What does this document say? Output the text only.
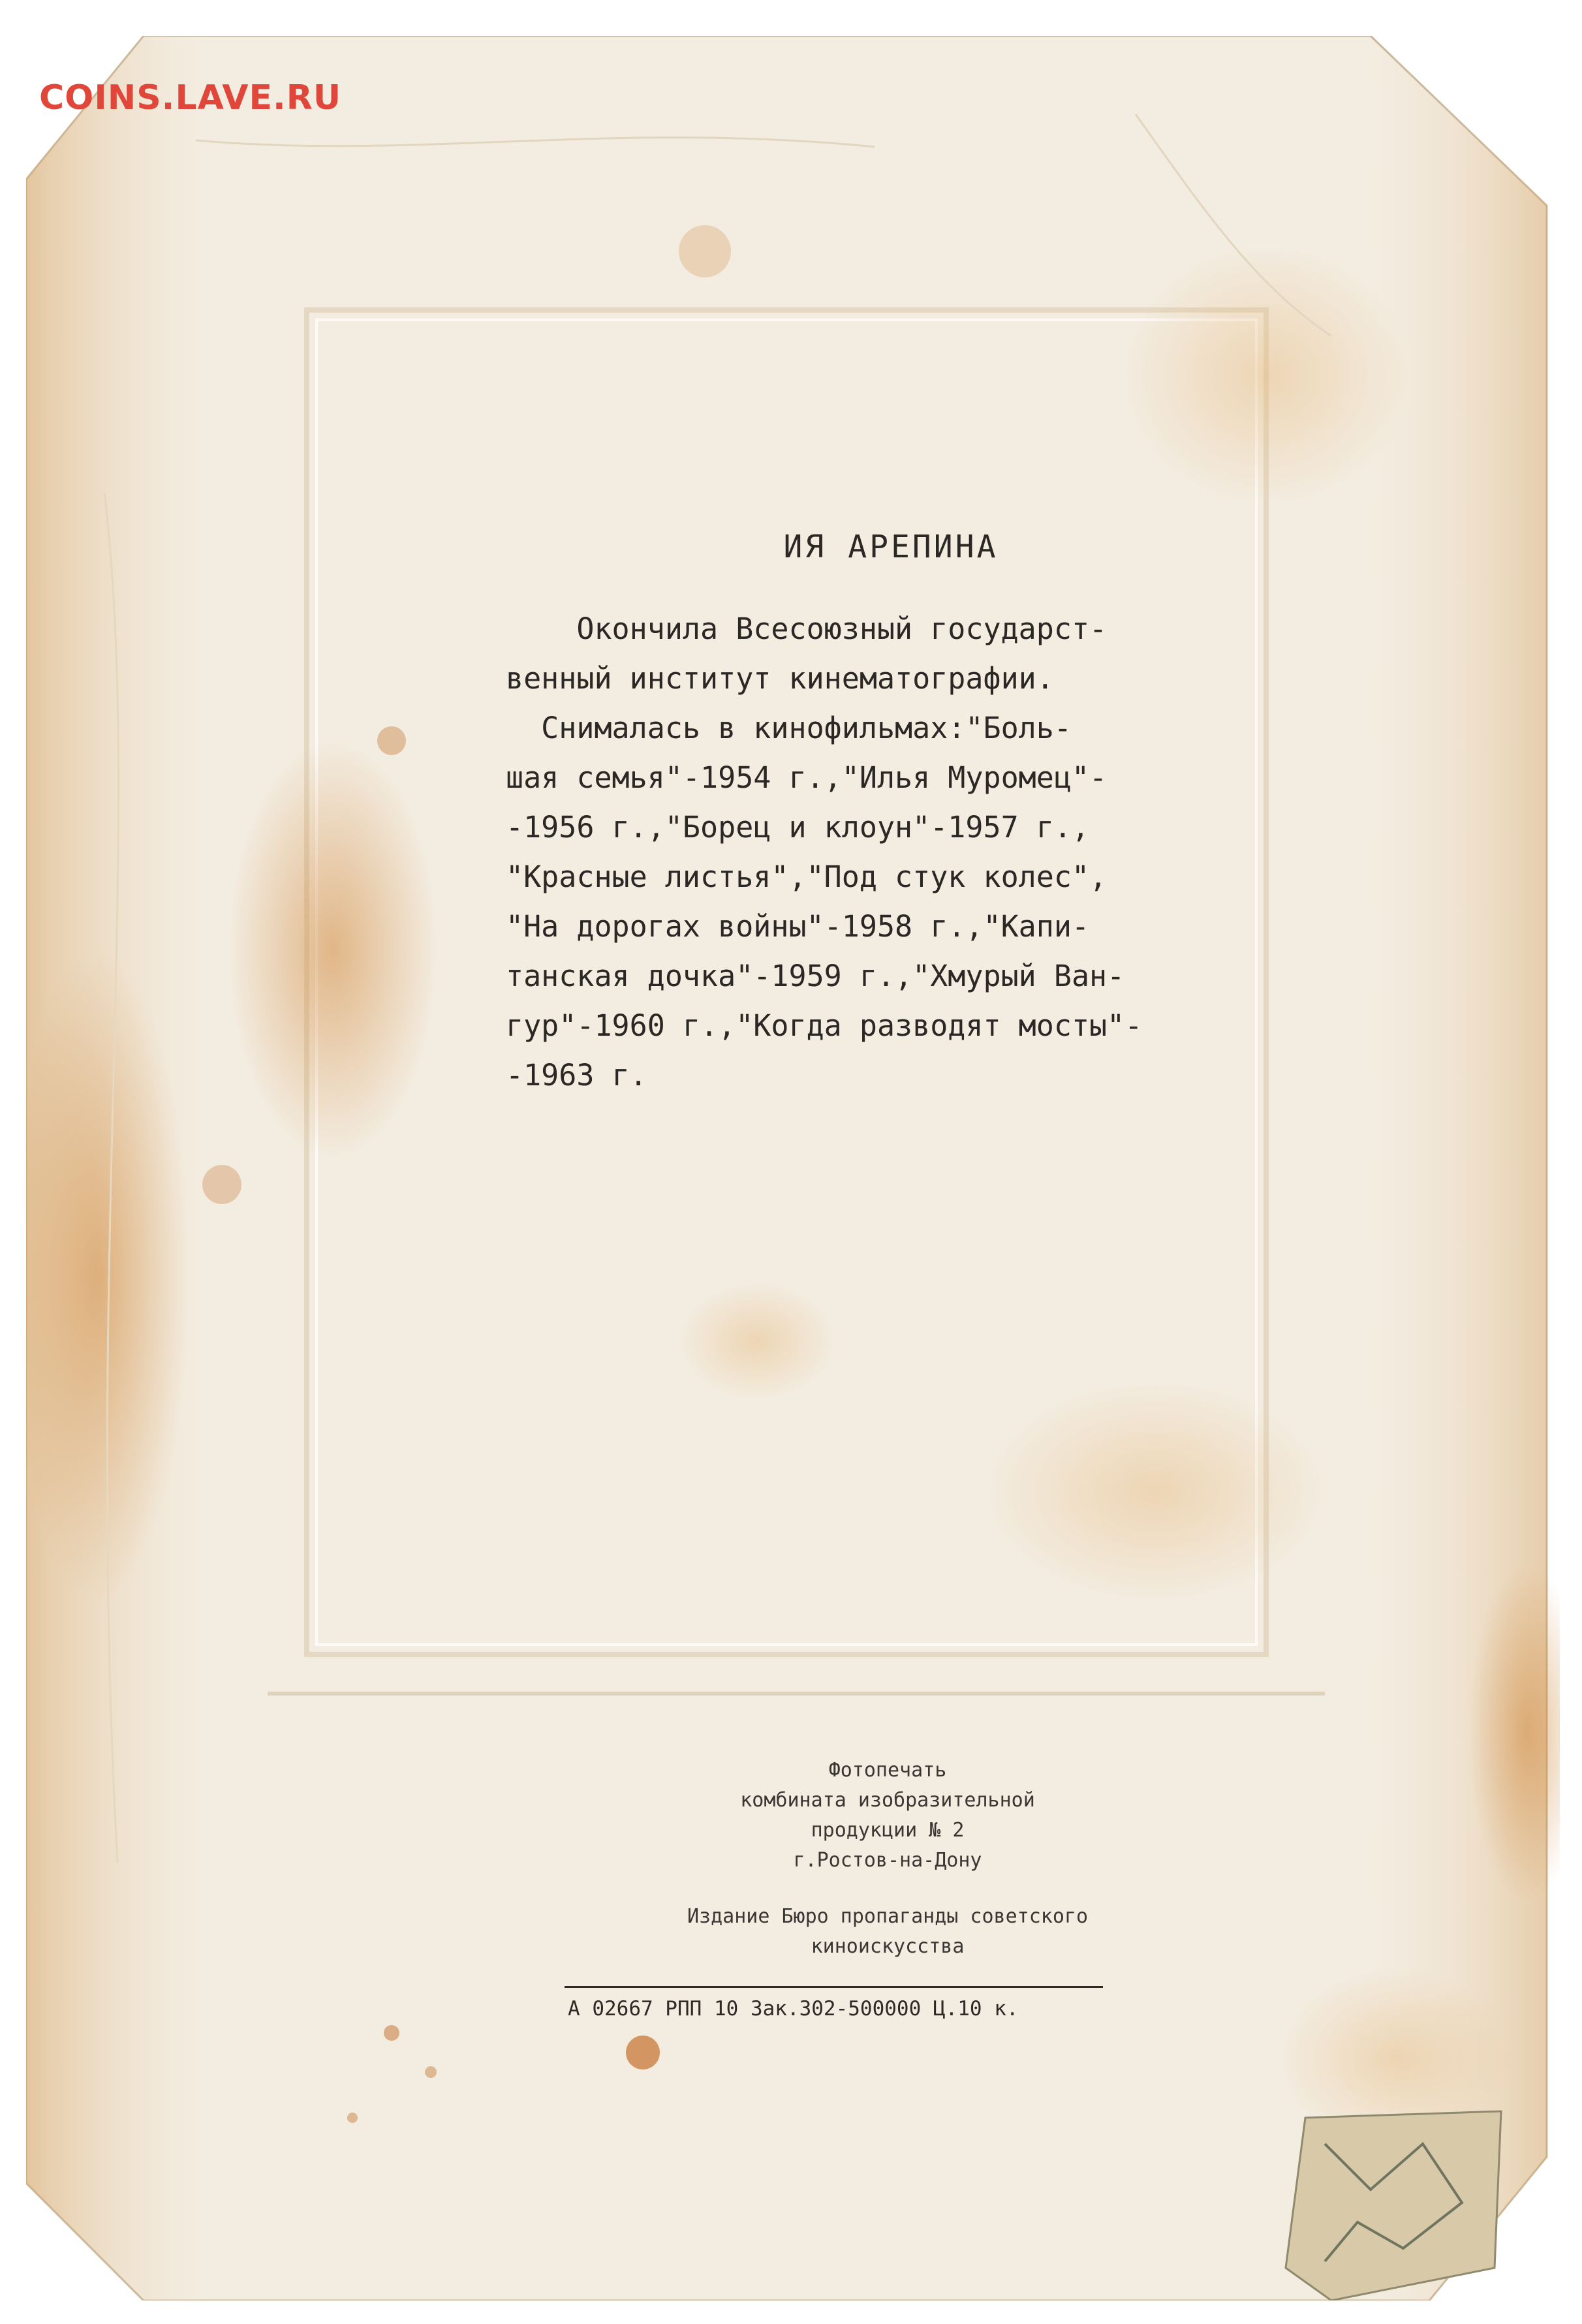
COINS.LAVE.RU
ИЯ АРЕПИНА
Окончила Всесоюзный государст-
венный институт кинематографии.
Снималась в кинофильмах:"Боль-
шая семья"-1954 г.,"Илья Муромец"-
-1956 г.,"Борец и клоун"-1957 г.,
"Красные листья","Под стук колес",
"На дорогах войны"-1958 г.,"Капи-
танская дочка"-1959 г.,"Хмурый Ван-
гур"-1960 г.,"Когда разводят мосты"-
-1963 г.
Фотопечать
комбината изобразительной
продукции № 2
г.Ростов-на-Дону
Издание Бюро пропаганды советского
киноискусства
А 02667 РПП 10 Зак.302-500000 Ц.10 к.
